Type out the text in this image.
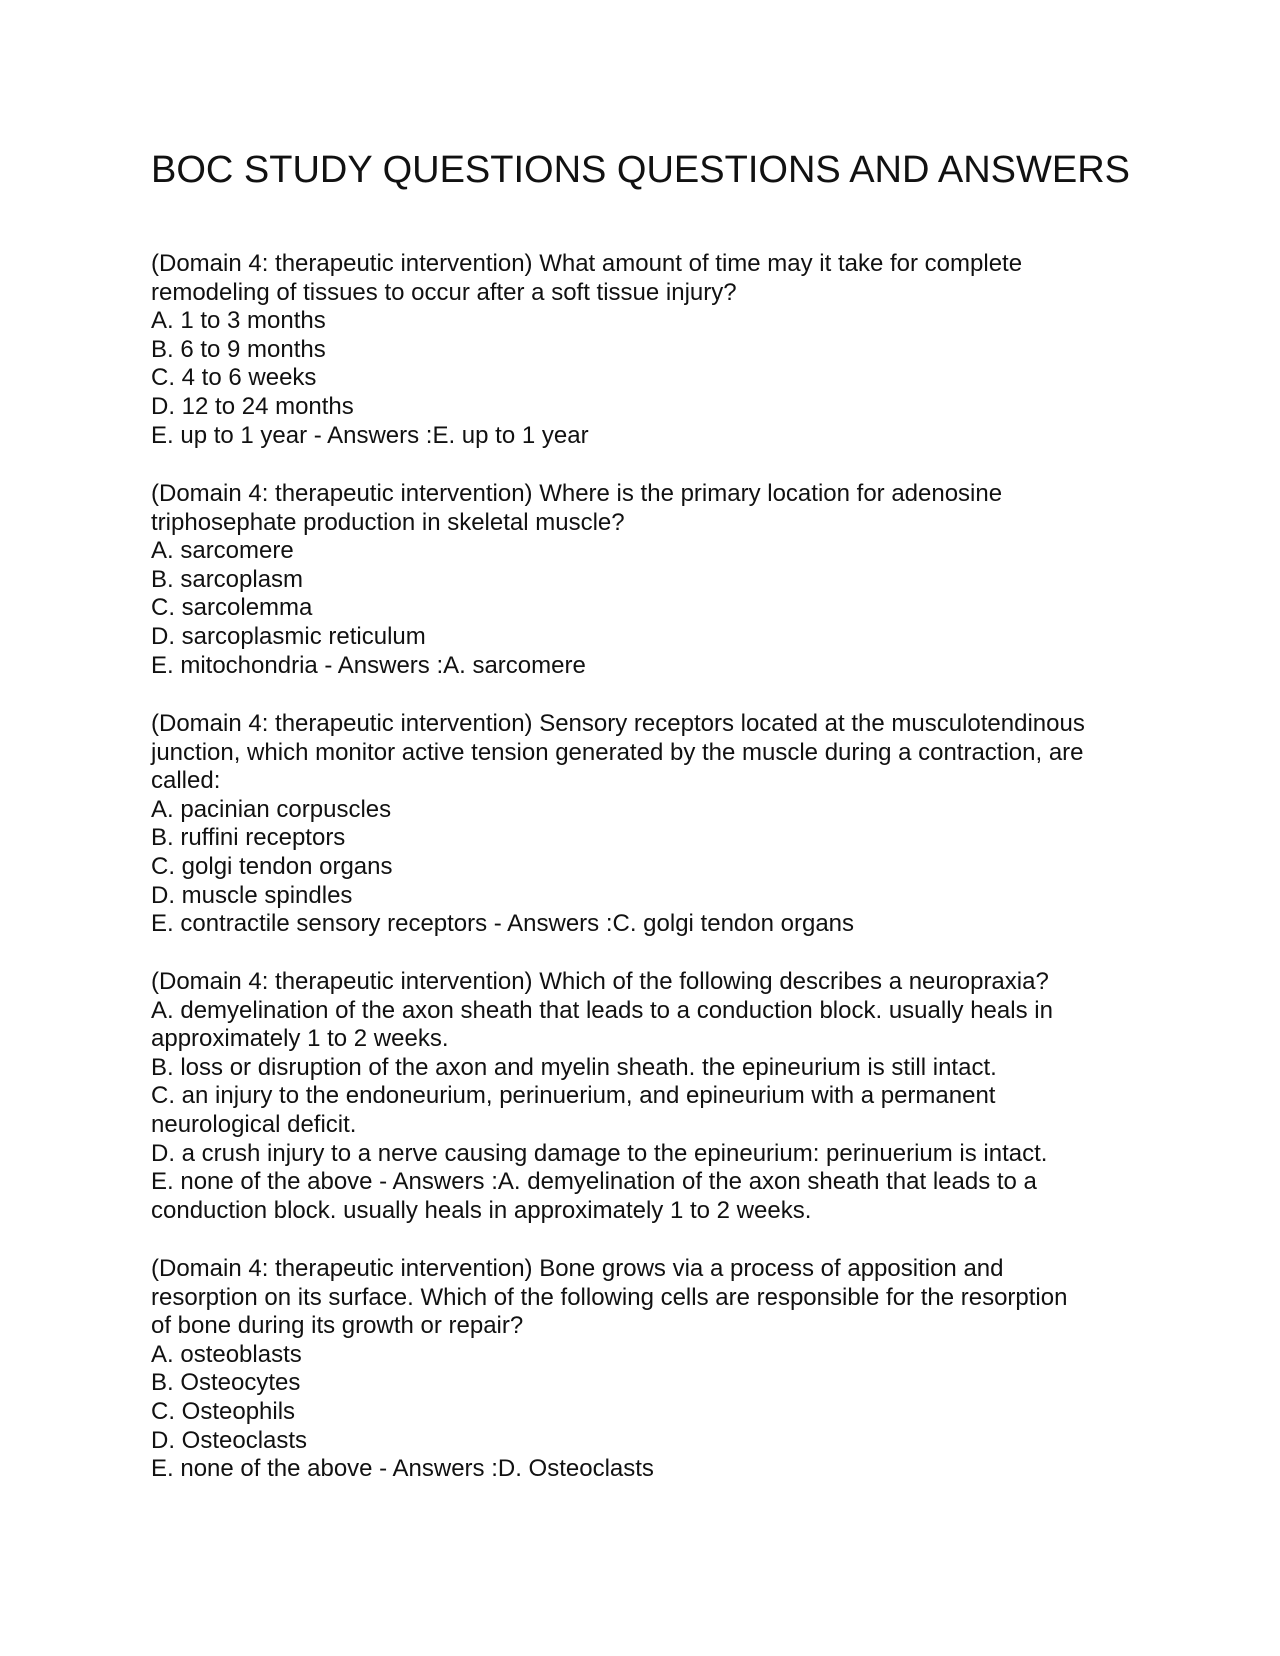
BOC STUDY QUESTIONS QUESTIONS AND ANSWERS

(Domain 4: therapeutic intervention) What amount of time may it take for complete

remodeling of tissues to occur after a soft tissue injury?

A. 1 to 3 months

B. 6 to 9 months

C. 4 to 6 weeks

D. 12 to 24 months

E. up to 1 year - Answers :E. up to 1 year

(Domain 4: therapeutic intervention) Where is the primary location for adenosine

triphosephate production in skeletal muscle?

A. sarcomere

B. sarcoplasm

C. sarcolemma

D. sarcoplasmic reticulum

E. mitochondria - Answers :A. sarcomere

(Domain 4: therapeutic intervention) Sensory receptors located at the musculotendinous

junction, which monitor active tension generated by the muscle during a contraction, are

called:

A. pacinian corpuscles

B. ruffini receptors

C. golgi tendon organs

D. muscle spindles

E. contractile sensory receptors - Answers :C. golgi tendon organs

(Domain 4: therapeutic intervention) Which of the following describes a neuropraxia?

A. demyelination of the axon sheath that leads to a conduction block. usually heals in

approximately 1 to 2 weeks.

B. loss or disruption of the axon and myelin sheath. the epineurium is still intact.

C. an injury to the endoneurium, perinuerium, and epineurium with a permanent

neurological deficit.

D. a crush injury to a nerve causing damage to the epineurium: perinuerium is intact.

E. none of the above - Answers :A. demyelination of the axon sheath that leads to a

conduction block. usually heals in approximately 1 to 2 weeks.

(Domain 4: therapeutic intervention) Bone grows via a process of apposition and

resorption on its surface. Which of the following cells are responsible for the resorption

of bone during its growth or repair?

A. osteoblasts

B. Osteocytes

C. Osteophils

D. Osteoclasts

E. none of the above - Answers :D. Osteoclasts
